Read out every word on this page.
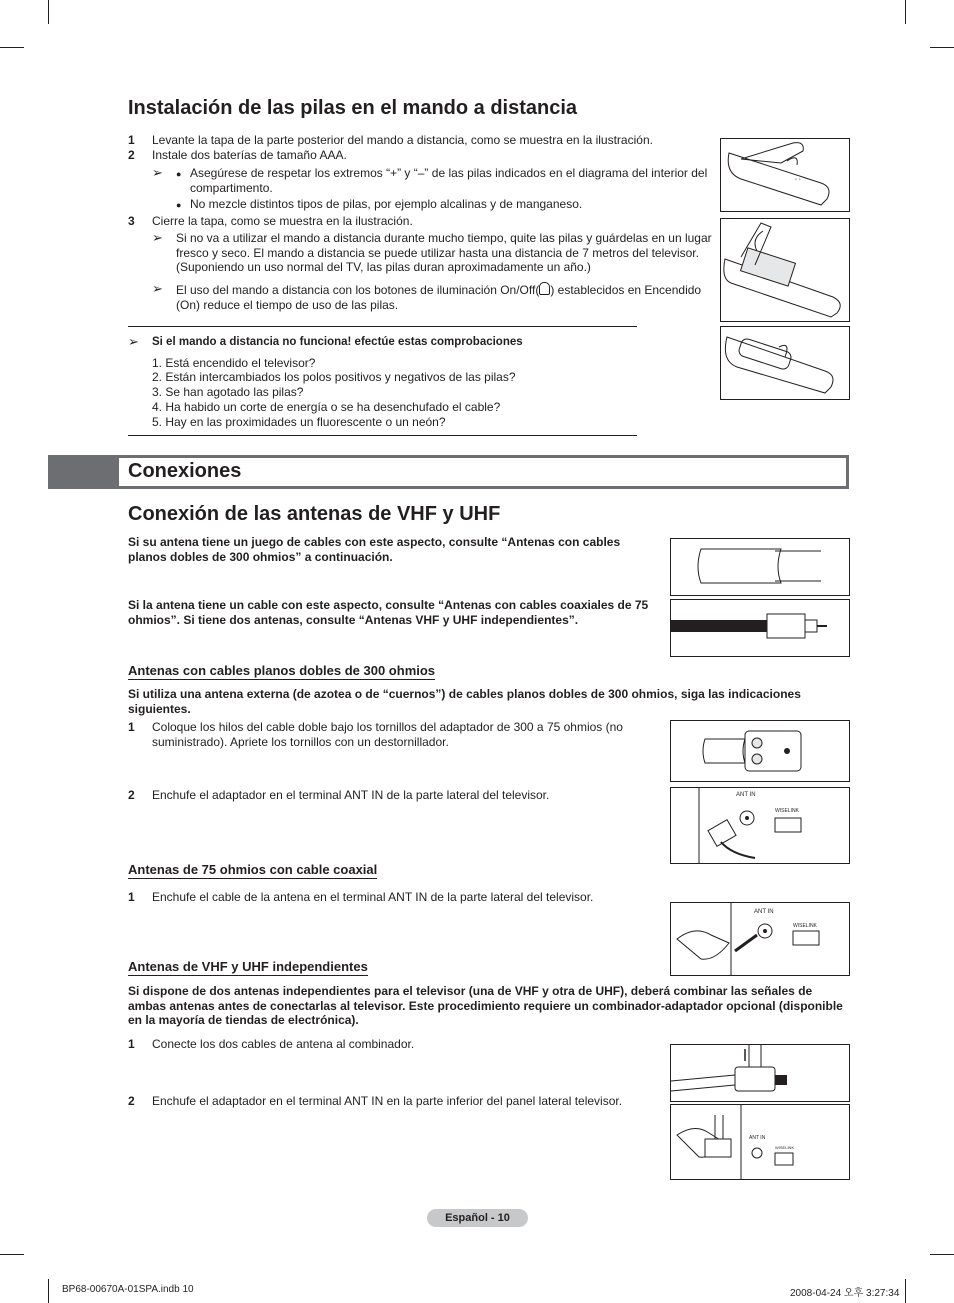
Instalación de las pilas en el mando a distancia
1 Levante la tapa de la parte posterior del mando a distancia, como se muestra en la ilustración.
2 Instale dos baterías de tamaño AAA.
➢ ● Asegúrese de respetar los extremos “+” y “–” de las pilas indicados en el diagrama del interior del compartimento.
● No mezcle distintos tipos de pilas, por ejemplo alcalinas y de manganeso.
3 Cierre la tapa, como se muestra en la ilustración.
➢ Si no va a utilizar el mando a distancia durante mucho tiempo, quite las pilas y guárdelas en un lugar fresco y seco. El mando a distancia se puede utilizar hasta una distancia de 7 metros del televisor. (Suponiendo un uso normal del TV, las pilas duran aproximadamente un año.)
➢ El uso del mando a distancia con los botones de iluminación On/Off( ) establecidos en Encendido (On) reduce el tiempo de uso de las pilas.
◦ ◦
➢ Si el mando a distancia no funciona! efectúe estas comprobaciones
1. Está encendido el televisor?
2. Están intercambiados los polos positivos y negativos de las pilas?
3. Se han agotado las pilas?
4. Ha habido un corte de energía o se ha desenchufado el cable?
5. Hay en las proximidades un fluorescente o un neón?
Conexiones
Conexión de las antenas de VHF y UHF
Si su antena tiene un juego de cables con este aspecto, consulte “Antenas con cables planos dobles de 300 ohmios” a continuación.
Si la antena tiene un cable con este aspecto, consulte “Antenas con cables coaxiales de 75 ohmios”. Si tiene dos antenas, consulte “Antenas VHF y UHF independientes”.
Antenas con cables planos dobles de 300 ohmios
Si utiliza una antena externa (de azotea o de “cuernos”) de cables planos dobles de 300 ohmios, siga las indicaciones siguientes.
1 Coloque los hilos del cable doble bajo los tornillos del adaptador de 300 a 75 ohmios (no suministrado). Apriete los tornillos con un destornillador.
2 Enchufe el adaptador en el terminal ANT IN de la parte lateral del televisor.	ANT IN
WISELINK
Antenas de 75 ohmios con cable coaxial
1 Enchufe el cable de la antena en el terminal ANT IN de la parte lateral del televisor.
ANT IN
WISELINK
Antenas de VHF y UHF independientes
Si dispone de dos antenas independientes para el televisor (una de VHF y otra de UHF), deberá combinar las señales de ambas antenas antes de conectarlas al televisor. Este procedimiento requiere un combinador-adaptador opcional (disponible en la mayoría de tiendas de electrónica).
1 Conecte los dos cables de antena al combinador.
2 Enchufe el adaptador en el terminal ANT IN en la parte inferior del panel lateral televisor.
ANT IN
WISELINK
Español - 10
BP68-00670A-01SPA.indb 10	2008-04-24 오후 3:27:34
